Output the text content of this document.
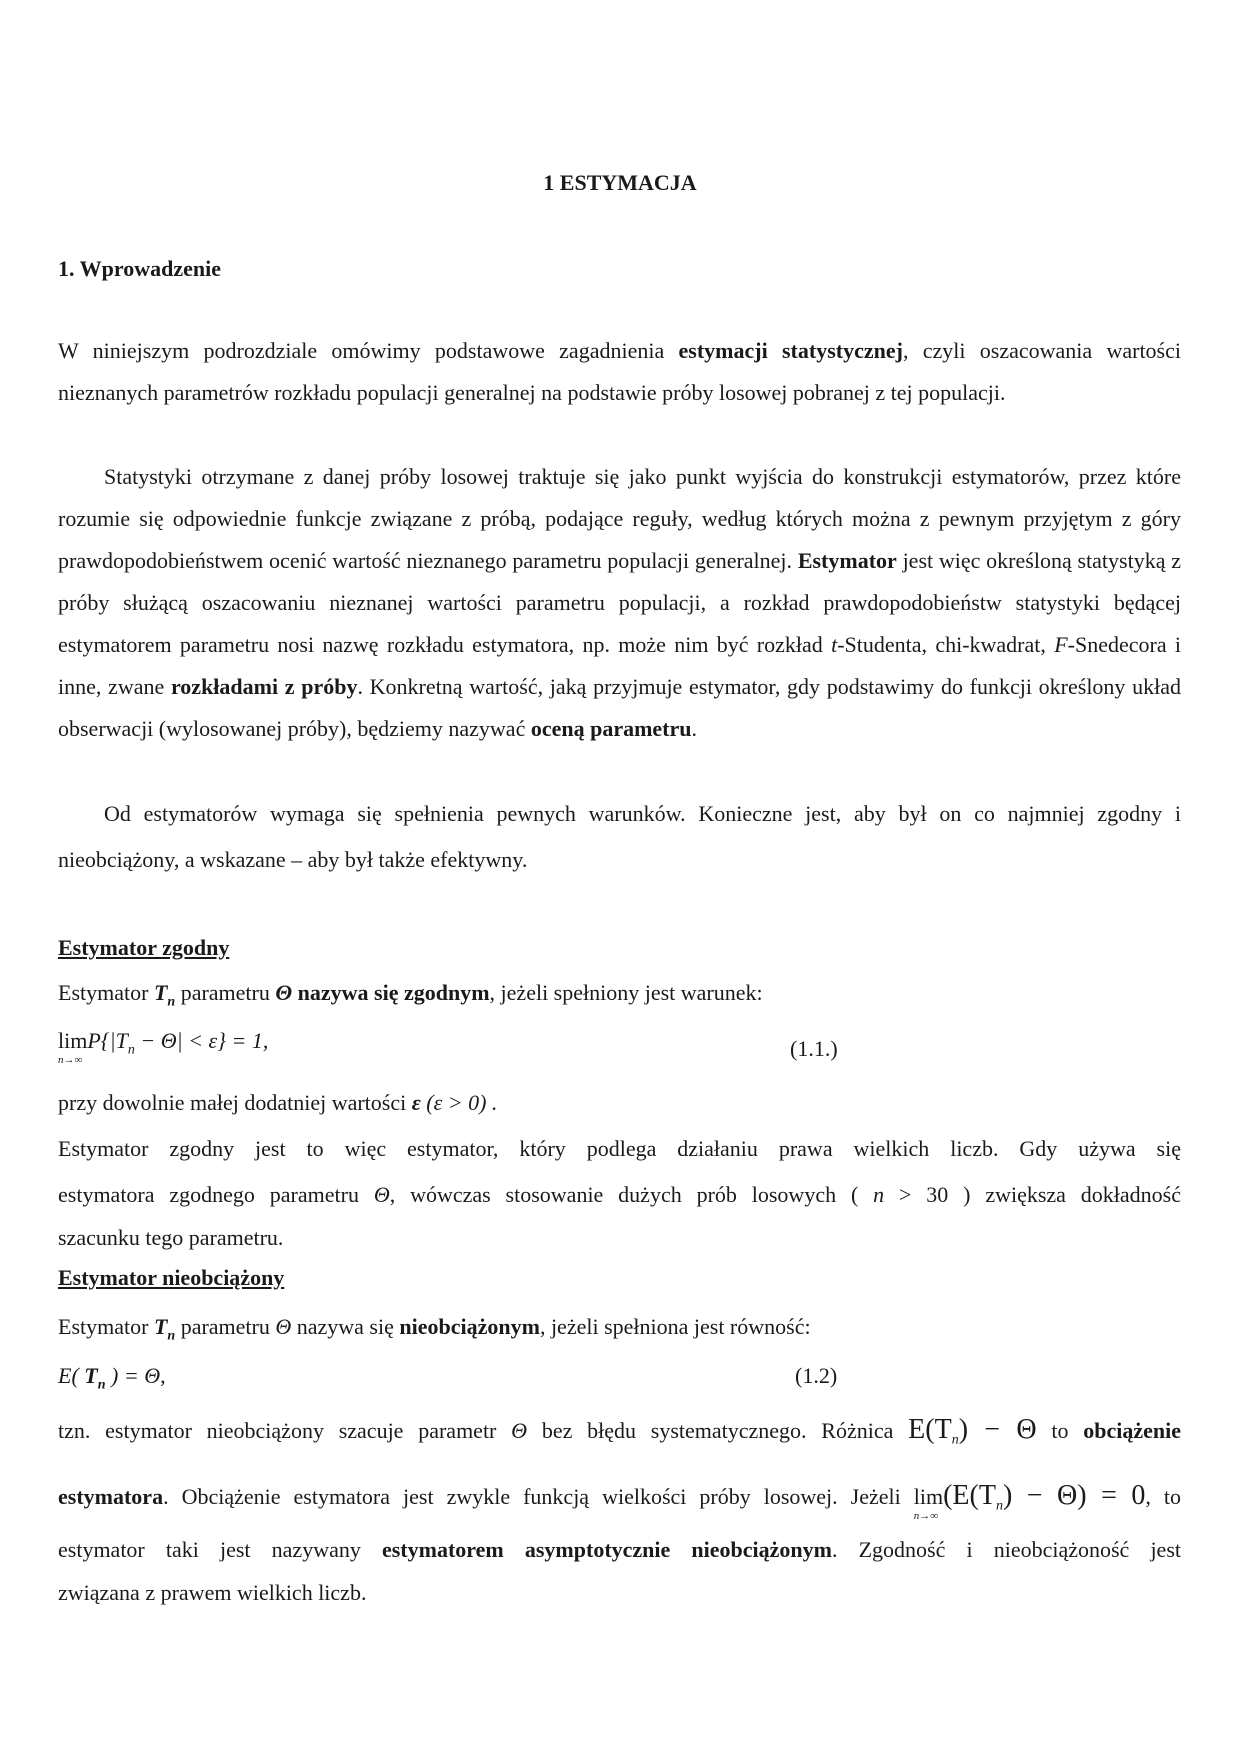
1 ESTYMACJA
1. Wprowadzenie

W niniejszym podrozdziale omówimy podstawowe zagadnienia estymacji statystycznej, czyli oszacowania wartości nieznanych parametrów rozkładu populacji generalnej na podstawie próby losowej pobranej z tej populacji.

Statystyki otrzymane z danej próby losowej traktuje się jako punkt wyjścia do konstrukcji estymatorów, przez które rozumie się odpowiednie funkcje związane z próbą, podające reguły, według których można z pewnym przyjętym z góry prawdopodobieństwem ocenić wartość nieznanego parametru populacji generalnej. Estymator jest więc określoną statystyką z próby służącą oszacowaniu nieznanej wartości parametru populacji, a rozkład prawdopodobieństw statystyki będącej estymatorem parametru nosi nazwę rozkładu estymatora, np. może nim być rozkład t-Studenta, chi-kwadrat, F-Snedecora i inne, zwane rozkładami z próby. Konkretną wartość, jaką przyjmuje estymator, gdy podstawimy do funkcji określony układ obserwacji (wylosowanej próby), będziemy nazywać oceną parametru.

Od estymatorów wymaga się spełnienia pewnych warunków. Konieczne jest, aby był on co najmniej zgodny i nieobciążony, a wskazane – aby był także efektywny.

Estymator zgodny
Estymator $T_n$ parametru Θ nazywa się zgodnym, jeżeli spełniony jest warunek:
lim
n→∞
$P\{|T_n - \Theta| < \varepsilon\} = 1$,	(1.1.)
przy dowolnie małej dodatniej wartości ε (ε > 0) .
Estymator zgodny jest to więc estymator, który podlega działaniu prawa wielkich liczb. Gdy używa się
estymatora zgodnego parametru Θ, wówczas stosowanie dużych prób losowych ( n > 30 ) zwiększa dokładność
szacunku tego parametru.
Estymator nieobciążony
Estymator $T_n$ parametru Θ nazywa się nieobciążonym, jeżeli spełniona jest równość:
E( $T_n$ ) = Θ,	(1.2)
tzn. estymator nieobciążony szacuje parametr Θ bez błędu systematycznego. Różnica $E(T_n) - \Theta$ to obciążenie
estymatora. Obciążenie estymatora jest zwykle funkcją wielkości próby losowej. Jeżeli lim
n→∞
$(E(T_n) - \Theta) = 0$, to
estymator taki jest nazywany estymatorem asymptotycznie nieobciążonym. Zgodność i nieobciążoność jest
związana z prawem wielkich liczb.
